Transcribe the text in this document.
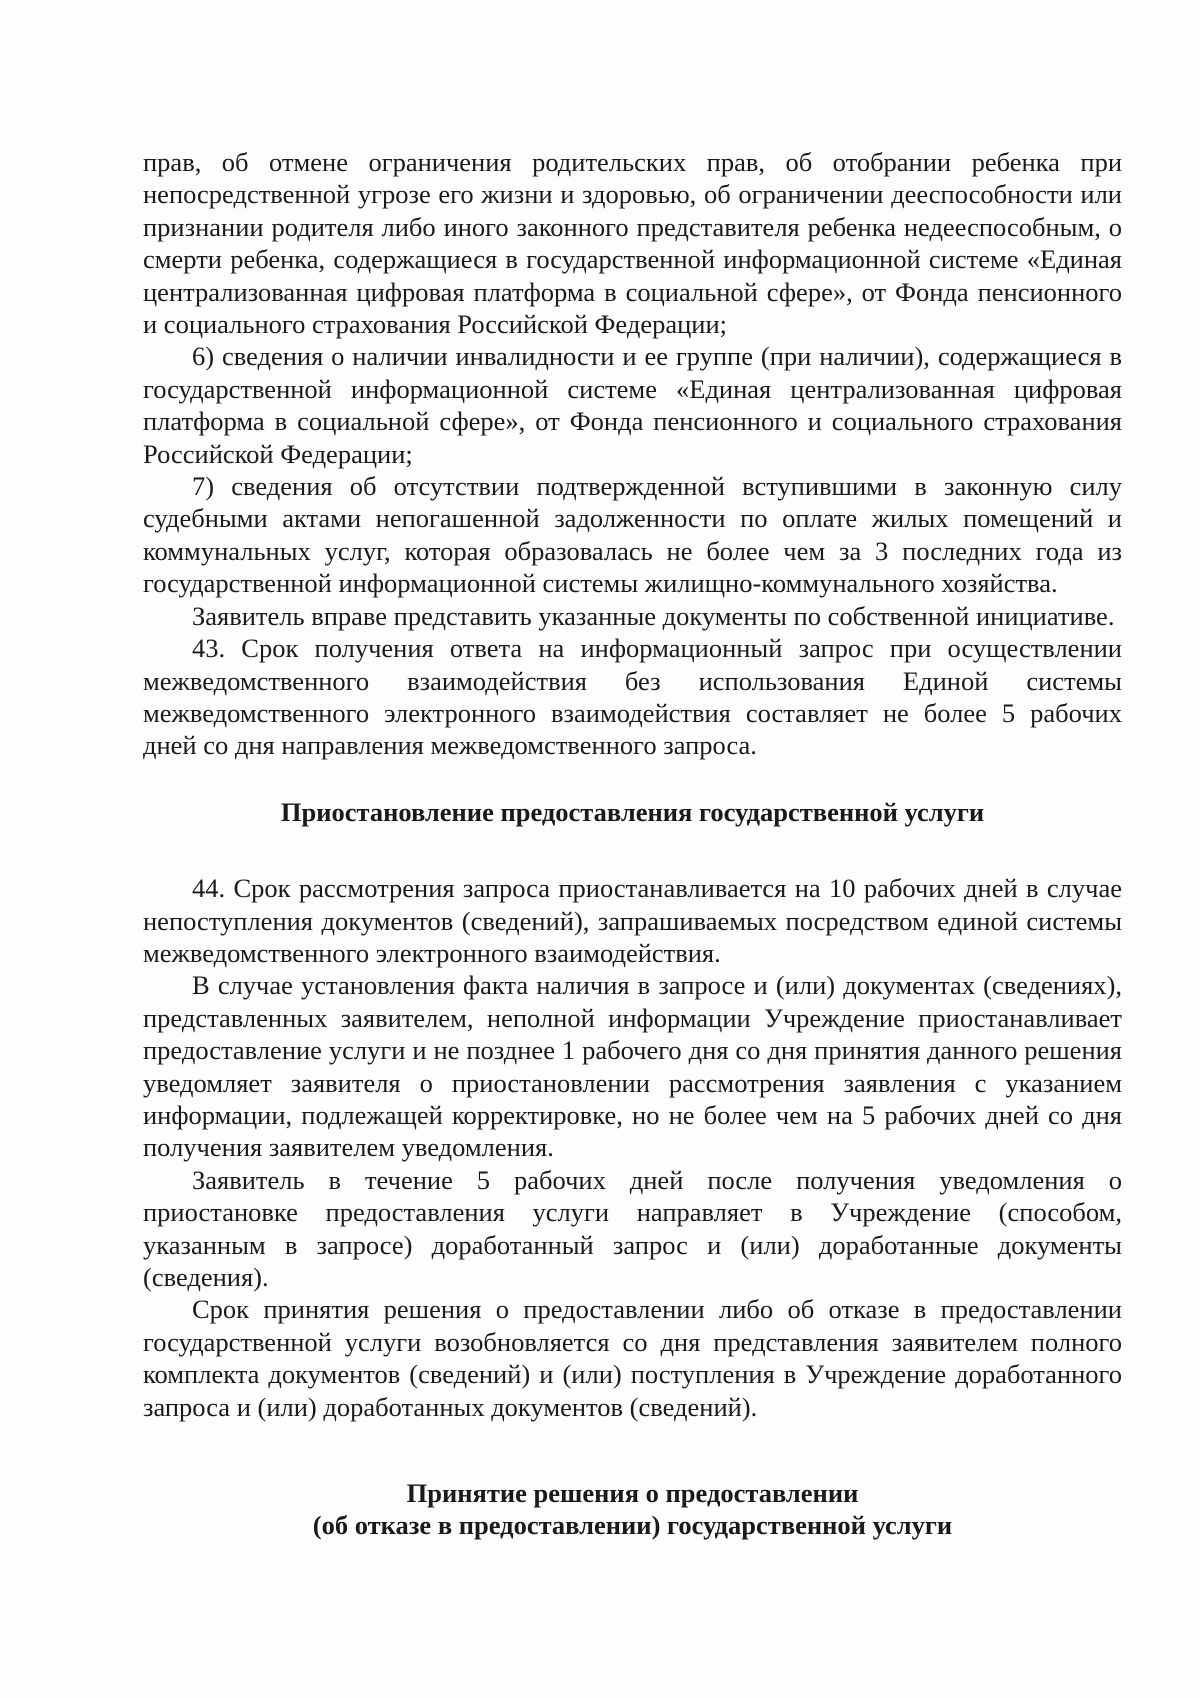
прав, об отмене ограничения родительских прав, об отобрании ребенка при непосредственной угрозе его жизни и здоровью, об ограничении дееспособности или признании родителя либо иного законного представителя ребенка недееспособным, о смерти ребенка, содержащиеся в государственной информационной системе «Единая централизованная цифровая платформа в социальной сфере», от Фонда пенсионного и социального страхования Российской Федерации;

6) сведения о наличии инвалидности и ее группе (при наличии), содержащиеся в государственной информационной системе «Единая централизованная цифровая платформа в социальной сфере», от Фонда пенсионного и социального страхования Российской Федерации;

7) сведения об отсутствии подтвержденной вступившими в законную силу судебными актами непогашенной задолженности по оплате жилых помещений и коммунальных услуг, которая образовалась не более чем за 3 последних года из государственной информационной системы жилищно-коммунального хозяйства.

Заявитель вправе представить указанные документы по собственной инициативе.

43. Срок получения ответа на информационный запрос при осуществлении межведомственного взаимодействия без использования Единой системы межведомственного электронного взаимодействия составляет не более 5 рабочих дней со дня направления межведомственного запроса.

Приостановление предоставления государственной услуги

44. Срок рассмотрения запроса приостанавливается на 10 рабочих дней в случае непоступления документов (сведений), запрашиваемых посредством единой системы межведомственного электронного взаимодействия.

В случае установления факта наличия в запросе и (или) документах (сведениях), представленных заявителем, неполной информации Учреждение приостанавливает предоставление услуги и не позднее 1 рабочего дня со дня принятия данного решения уведомляет заявителя о приостановлении рассмотрения заявления с указанием информации, подлежащей корректировке, но не более чем на 5 рабочих дней со дня получения заявителем уведомления.

Заявитель в течение 5 рабочих дней после получения уведомления о приостановке предоставления услуги направляет в Учреждение (способом, указанным в запросе) доработанный запрос и (или) доработанные документы (сведения).

Срок принятия решения о предоставлении либо об отказе в предоставлении государственной услуги возобновляется со дня представления заявителем полного комплекта документов (сведений) и (или) поступления в Учреждение доработанного запроса и (или) доработанных документов (сведений).

Принятие решения о предоставлении
(об отказе в предоставлении) государственной услуги
